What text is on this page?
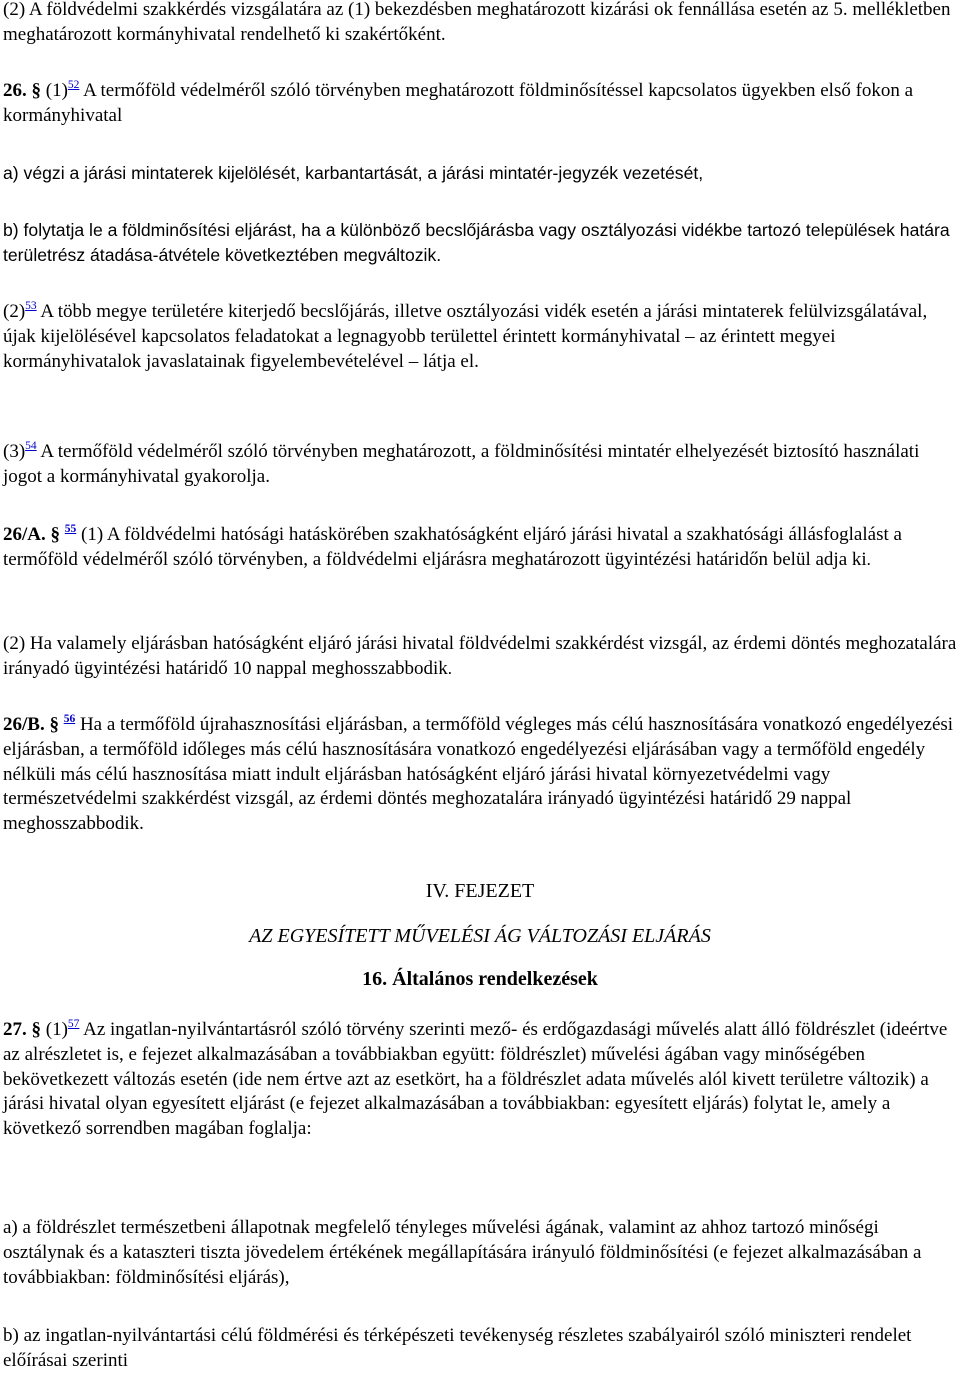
(2) A földvédelmi szakkérdés vizsgálatára az (1) bekezdésben meghatározott kizárási ok fennállása esetén az 5. mellékletben meghatározott kormányhivatal rendelhető ki szakértőként.

26. § (1)$^{52}$ A termőföld védelméről szóló törvényben meghatározott földminősítéssel kapcsolatos ügyekben első fokon a kormányhivatal

a) végzi a járási mintaterek kijelölését, karbantartását, a járási mintatér-jegyzék vezetését,

b) folytatja le a földminősítési eljárást, ha a különböző becslőjárásba vagy osztályozási vidékbe tartozó települések határa területrész átadása-átvétele következtében megváltozik.

(2)$^{53}$ A több megye területére kiterjedő becslőjárás, illetve osztályozási vidék esetén a járási mintaterek felülvizsgálatával, újak kijelölésével kapcsolatos feladatokat a legnagyobb területtel érintett kormányhivatal – az érintett megyei kormányhivatalok javaslatainak figyelembevételével – látja el.

(3)$^{54}$ A termőföld védelméről szóló törvényben meghatározott, a földminősítési mintatér elhelyezését biztosító használati jogot a kormányhivatal gyakorolja.

26/A. § $^{55}$ (1) A földvédelmi hatósági hatáskörében szakhatóságként eljáró járási hivatal a szakhatósági állásfoglalást a termőföld védelméről szóló törvényben, a földvédelmi eljárásra meghatározott ügyintézési határidőn belül adja ki.

(2) Ha valamely eljárásban hatóságként eljáró járási hivatal földvédelmi szakkérdést vizsgál, az érdemi döntés meghozatalára irányadó ügyintézési határidő 10 nappal meghosszabbodik.

26/B. § $^{56}$ Ha a termőföld újrahasznosítási eljárásban, a termőföld végleges más célú hasznosítására vonatkozó engedélyezési eljárásban, a termőföld időleges más célú hasznosítására vonatkozó engedélyezési eljárásában vagy a termőföld engedély nélküli más célú hasznosítása miatt indult eljárásban hatóságként eljáró járási hivatal környezetvédelmi vagy természetvédelmi szakkérdést vizsgál, az érdemi döntés meghozatalára irányadó ügyintézési határidő 29 nappal meghosszabbodik.

IV. FEJEZET

AZ EGYESÍTETT MŰVELÉSI ÁG VÁLTOZÁSI ELJÁRÁS

16. Általános rendelkezések

27. § (1)$^{57}$ Az ingatlan-nyilvántartásról szóló törvény szerinti mező- és erdőgazdasági művelés alatt álló földrészlet (ideértve az alrészletet is, e fejezet alkalmazásában a továbbiakban együtt: földrészlet) művelési ágában vagy minőségében bekövetkezett változás esetén (ide nem értve azt az esetkört, ha a földrészlet adata művelés alól kivett területre változik) a járási hivatal olyan egyesített eljárást (e fejezet alkalmazásában a továbbiakban: egyesített eljárás) folytat le, amely a következő sorrendben magában foglalja:

a) a földrészlet természetbeni állapotnak megfelelő tényleges művelési ágának, valamint az ahhoz tartozó minőségi osztálynak és a kataszteri tiszta jövedelem értékének megállapítására irányuló földminősítési (e fejezet alkalmazásában a továbbiakban: földminősítési eljárás),

b) az ingatlan-nyilvántartási célú földmérési és térképészeti tevékenység részletes szabályairól szóló miniszteri rendelet előírásai szerinti
